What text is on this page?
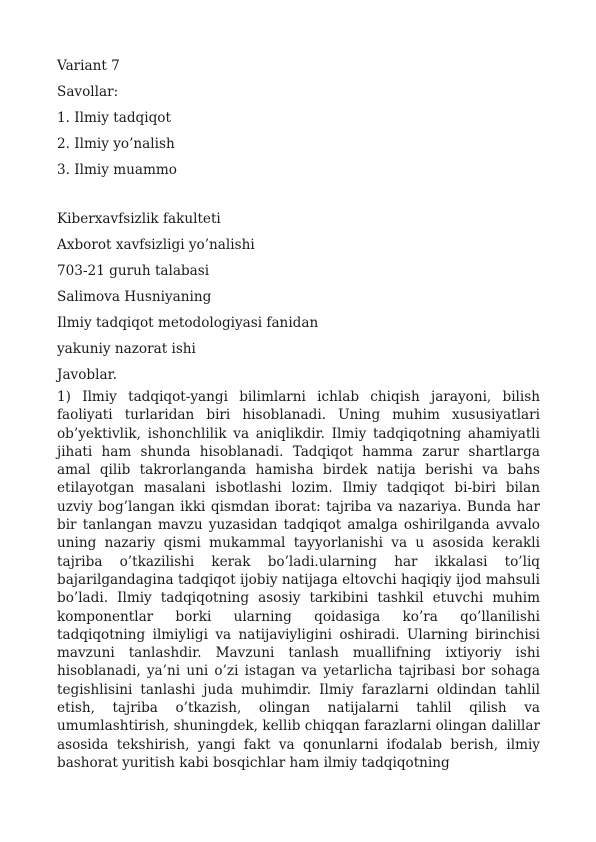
Variant 7
Savollar:
1. Ilmiy tadqiqot
2. Ilmiy yo’nalish
3. Ilmiy muammo
Kiberxavfsizlik fakulteti
Axborot xavfsizligi yo’nalishi
703-21 guruh talabasi
Salimova Husniyaning
Ilmiy tadqiqot metodologiyasi fanidan
yakuniy nazorat ishi
Javoblar.
1) Ilmiy tadqiqot-yangi bilimlarni ichlab chiqish jarayoni, bilish faoliyati turlaridan biri hisoblanadi. Uning muhim xususiyatlari ob’yektivlik, ishonchlilik va aniqlikdir. Ilmiy tadqiqotning ahamiyatli jihati ham shunda hisoblanadi. Tadqiqot hamma zarur shartlarga amal qilib takrorlanganda hamisha birdek natija berishi va bahs etilayotgan masalani isbotlashi lozim. Ilmiy tadqiqot bi-biri bilan uzviy bog’langan ikki qismdan iborat: tajriba va nazariya. Bunda har bir tanlangan mavzu yuzasidan tadqiqot amalga oshirilganda avvalo uning nazariy qismi mukammal tayyorlanishi va u asosida kerakli tajriba o’tkazilishi kerak bo’ladi.ularning har ikkalasi to’liq bajarilgandagina tadqiqot ijobiy natijaga eltovchi haqiqiy ijod mahsuli bo’ladi. Ilmiy tadqiqotning asosiy tarkibini tashkil etuvchi muhim komponentlar borki ularning qoidasiga ko’ra qo’llanilishi tadqiqotning ilmiyligi va natijaviyligini oshiradi. Ularning birinchisi mavzuni tanlashdir. Mavzuni tanlash muallifning ixtiyoriy ishi hisoblanadi, ya’ni uni o’zi istagan va yetarlicha tajribasi bor sohaga tegishlisini tanlashi juda muhimdir. Ilmiy farazlarni oldindan tahlil etish, tajriba o’tkazish, olingan natijalarni tahlil qilish va umumlashtirish, shuningdek, kellib chiqqan farazlarni olingan dalillar asosida tekshirish, yangi fakt va qonunlarni ifodalab berish, ilmiy bashorat yuritish kabi bosqichlar ham ilmiy tadqiqotning
